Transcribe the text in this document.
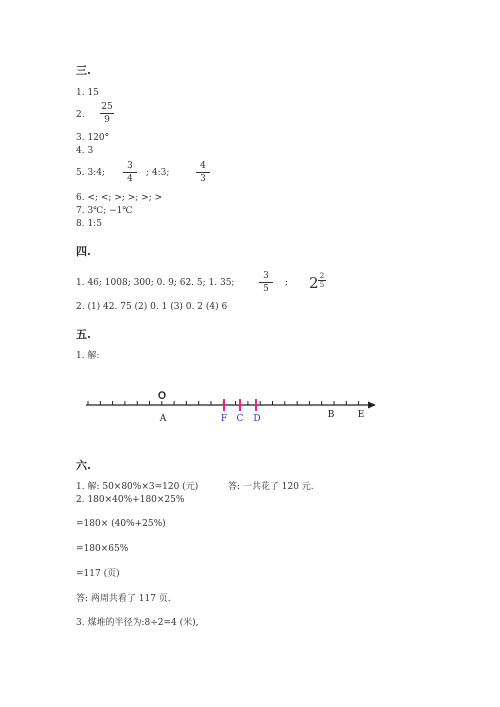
三.
1. 15
2.
25
9
3. 120°
4. 3
5. 3:4;
3
4
; 4:3;
4
3
6. <; <; >; >; >; >
7. 3℃; −1℃
8. 1:5
四.
1. 46; 1008; 300; 0. 9; 62. 5; 1. 35;
3
5
; 2 2
5
2. (1) 42. 75 (2) 0. 1 (3) 0. 2 (4) 6
五.
1. 解:
O
A	F C D	B	E
六.
1. 解: 50×80%×3=120 (元)	答: 一共花了 120 元.
2. 180×40%+180×25%
=180× (40%+25%)
=180×65%
=117 (页)
答: 两周共看了 117 页.
3. 煤堆的半径为:8÷2=4 (米),
